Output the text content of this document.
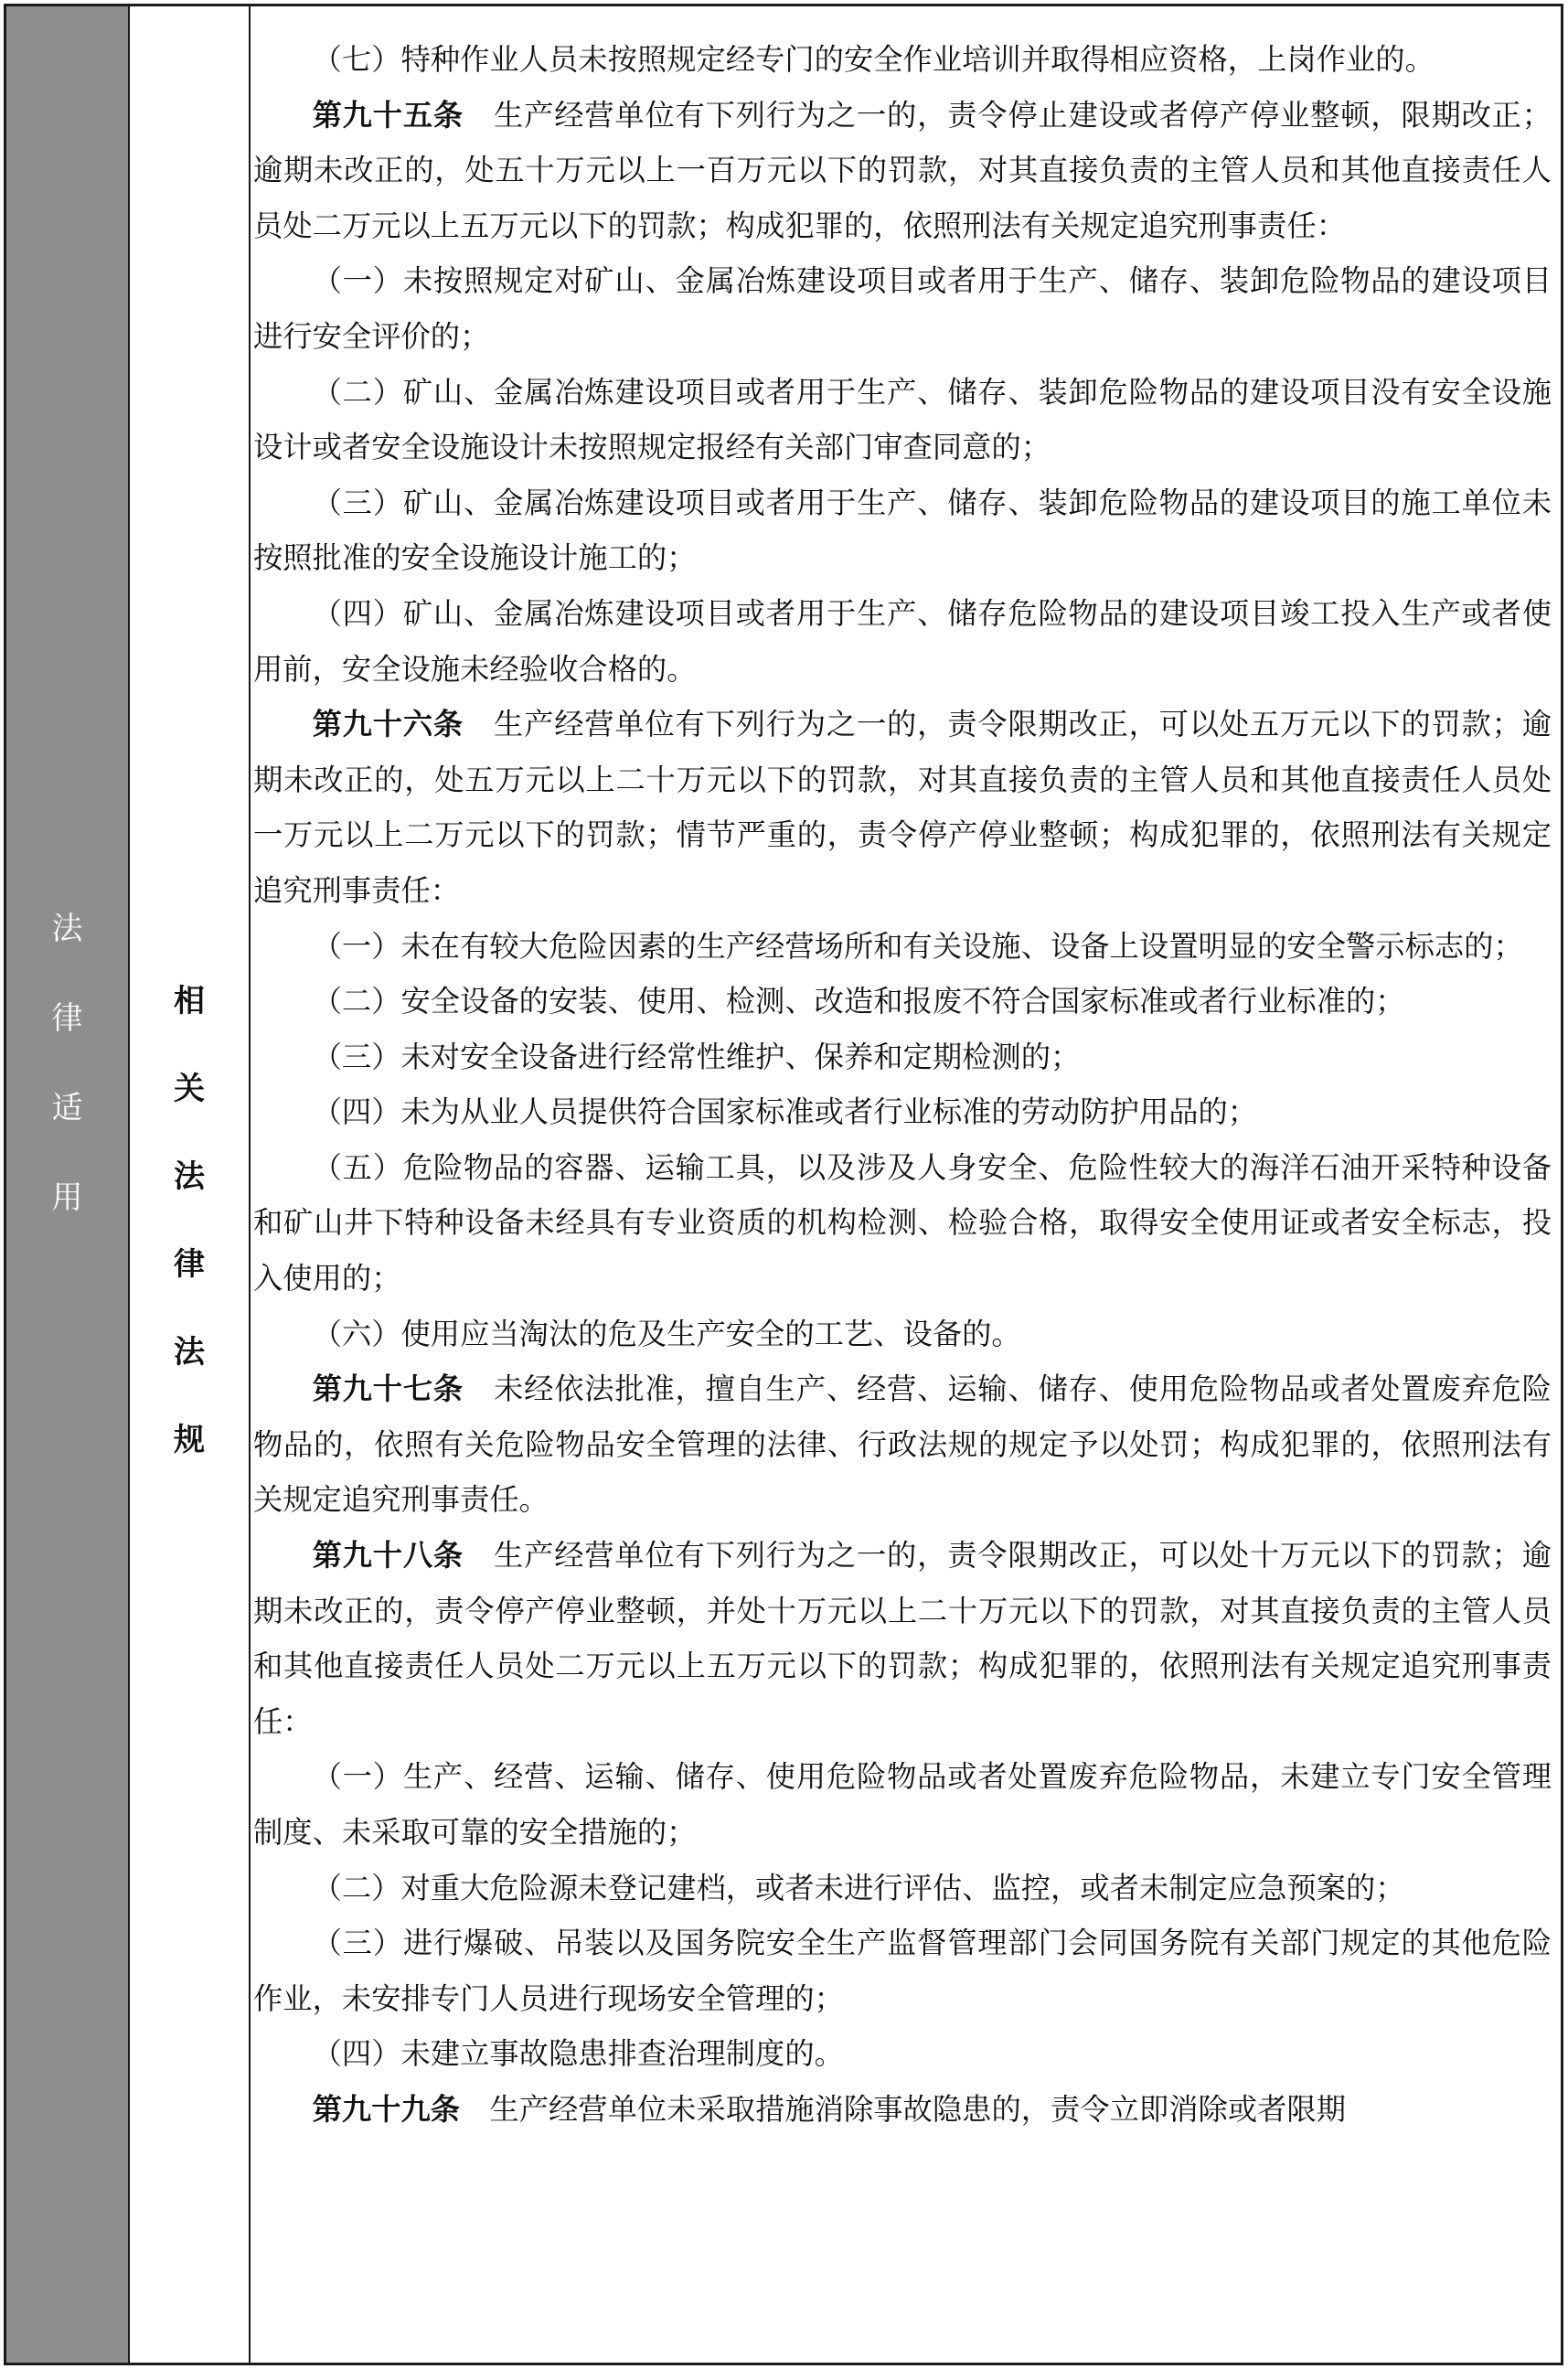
法
律
适
用
相
关
法
律
法
规

（七）特种作业人员未按照规定经专门的安全作业培训并取得相应资格，上岗作业的。

第九十五条　生产经营单位有下列行为之一的，责令停止建设或者停产停业整顿，限期改正；逾期未改正的，处五十万元以上一百万元以下的罚款，对其直接负责的主管人员和其他直接责任人员处二万元以上五万元以下的罚款；构成犯罪的，依照刑法有关规定追究刑事责任：

（一）未按照规定对矿山、金属冶炼建设项目或者用于生产、储存、装卸危险物品的建设项目进行安全评价的；

（二）矿山、金属冶炼建设项目或者用于生产、储存、装卸危险物品的建设项目没有安全设施设计或者安全设施设计未按照规定报经有关部门审查同意的；

（三）矿山、金属冶炼建设项目或者用于生产、储存、装卸危险物品的建设项目的施工单位未按照批准的安全设施设计施工的；

（四）矿山、金属冶炼建设项目或者用于生产、储存危险物品的建设项目竣工投入生产或者使用前，安全设施未经验收合格的。

第九十六条　生产经营单位有下列行为之一的，责令限期改正，可以处五万元以下的罚款；逾期未改正的，处五万元以上二十万元以下的罚款，对其直接负责的主管人员和其他直接责任人员处一万元以上二万元以下的罚款；情节严重的，责令停产停业整顿；构成犯罪的，依照刑法有关规定追究刑事责任：

（一）未在有较大危险因素的生产经营场所和有关设施、设备上设置明显的安全警示标志的；

（二）安全设备的安装、使用、检测、改造和报废不符合国家标准或者行业标准的；

（三）未对安全设备进行经常性维护、保养和定期检测的；

（四）未为从业人员提供符合国家标准或者行业标准的劳动防护用品的；

（五）危险物品的容器、运输工具，以及涉及人身安全、危险性较大的海洋石油开采特种设备和矿山井下特种设备未经具有专业资质的机构检测、检验合格，取得安全使用证或者安全标志，投入使用的；

（六）使用应当淘汰的危及生产安全的工艺、设备的。

第九十七条　未经依法批准，擅自生产、经营、运输、储存、使用危险物品或者处置废弃危险物品的，依照有关危险物品安全管理的法律、行政法规的规定予以处罚；构成犯罪的，依照刑法有关规定追究刑事责任。

第九十八条　生产经营单位有下列行为之一的，责令限期改正，可以处十万元以下的罚款；逾期未改正的，责令停产停业整顿，并处十万元以上二十万元以下的罚款，对其直接负责的主管人员和其他直接责任人员处二万元以上五万元以下的罚款；构成犯罪的，依照刑法有关规定追究刑事责任：

（一）生产、经营、运输、储存、使用危险物品或者处置废弃危险物品，未建立专门安全管理制度、未采取可靠的安全措施的；

（二）对重大危险源未登记建档，或者未进行评估、监控，或者未制定应急预案的；

（三）进行爆破、吊装以及国务院安全生产监督管理部门会同国务院有关部门规定的其他危险作业，未安排专门人员进行现场安全管理的；

（四）未建立事故隐患排查治理制度的。

第九十九条　生产经营单位未采取措施消除事故隐患的，责令立即消除或者限期
